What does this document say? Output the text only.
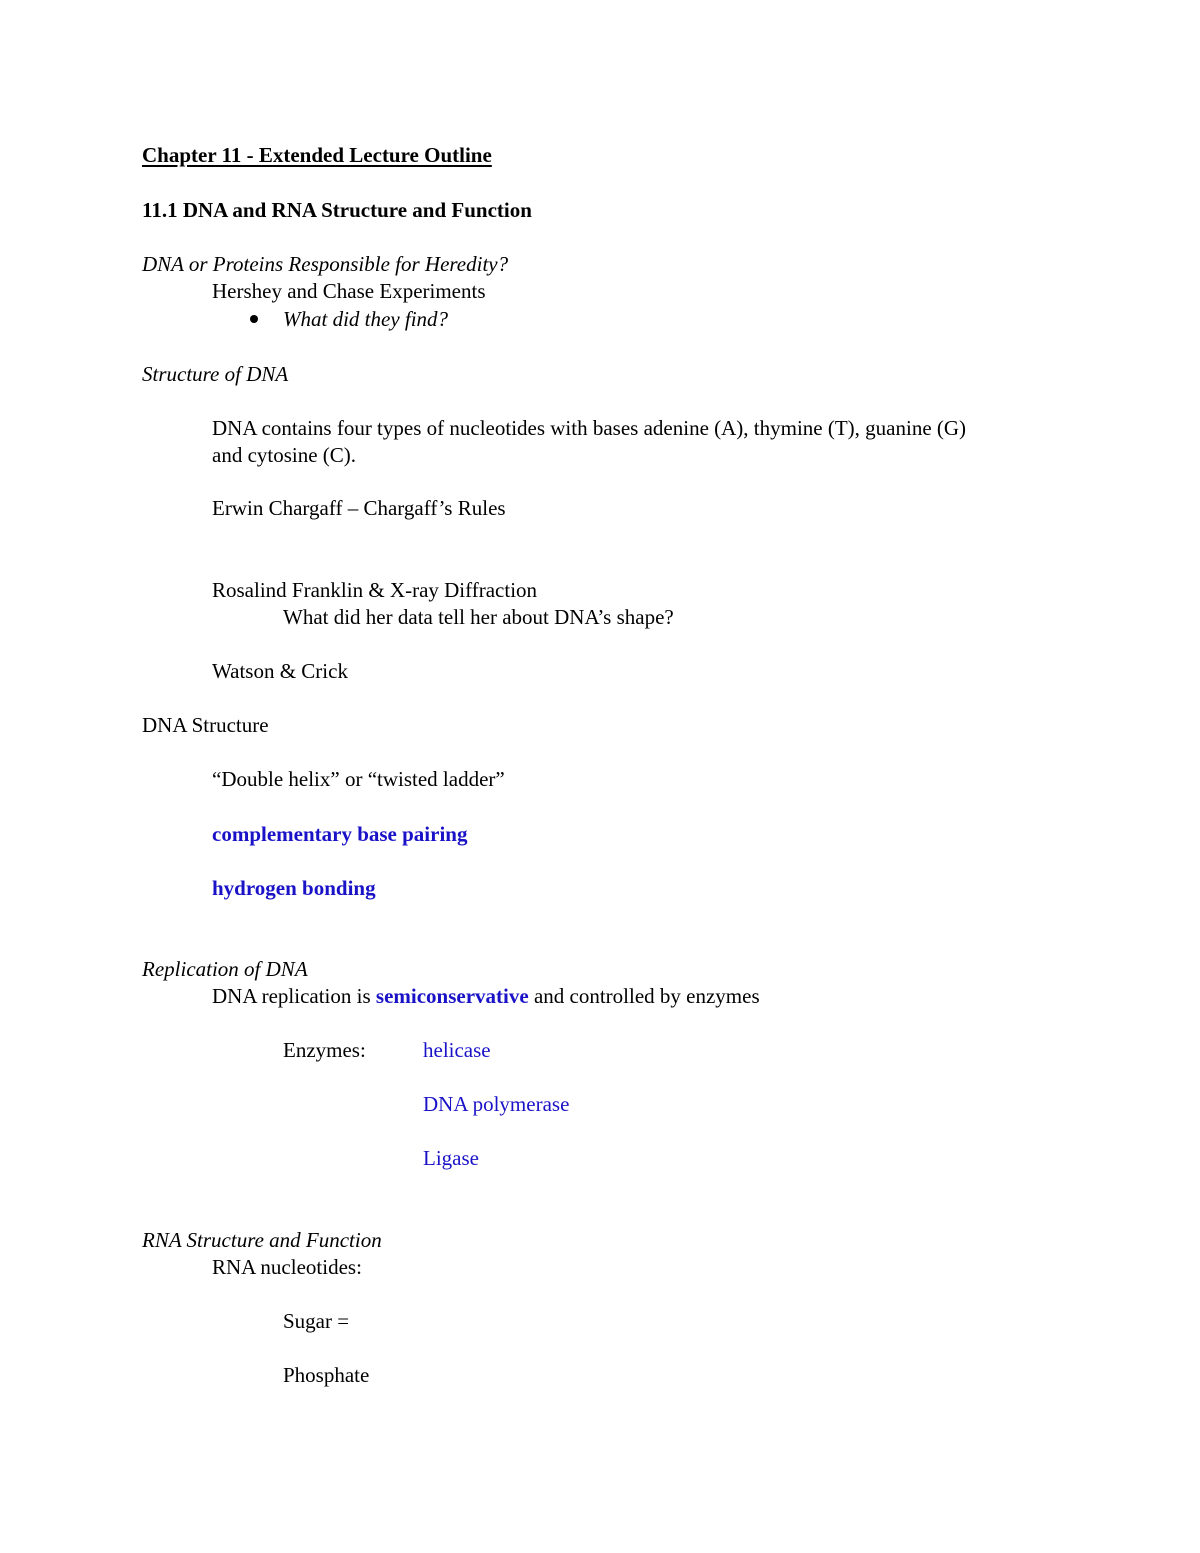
Chapter 11 - Extended Lecture Outline
11.1 DNA and RNA Structure and Function
DNA or Proteins Responsible for Heredity?
Hershey and Chase Experiments
What did they find?
Structure of DNA
DNA contains four types of nucleotides with bases adenine (A), thymine (T), guanine (G)
and cytosine (C).
Erwin Chargaff – Chargaff’s Rules
Rosalind Franklin & X-ray Diffraction
What did her data tell her about DNA’s shape?
Watson & Crick
DNA Structure
“Double helix” or “twisted ladder”
complementary base pairing
hydrogen bonding
Replication of DNA
DNA replication is semiconservative and controlled by enzymes
Enzymes:	helicase
DNA polymerase
Ligase
RNA Structure and Function
RNA nucleotides:
Sugar =
Phosphate
